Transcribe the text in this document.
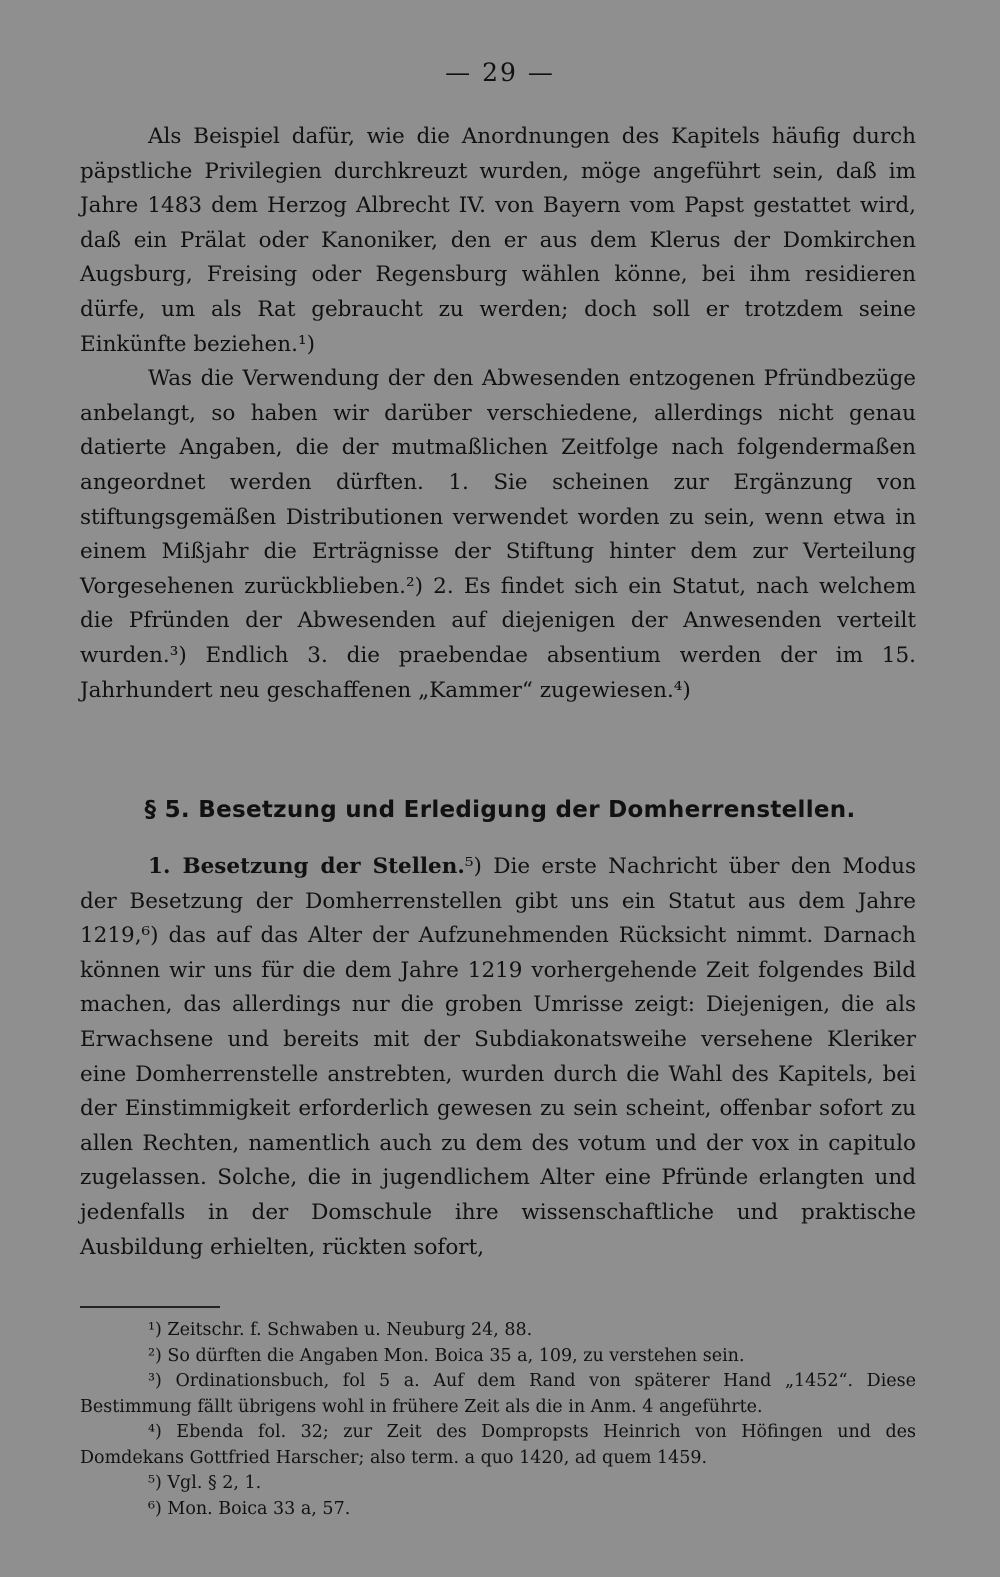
— 29 —

Als Beispiel dafür, wie die Anordnungen des Kapitels häufig durch päpstliche Privilegien durchkreuzt wurden, möge angeführt sein, daß im Jahre 1483 dem Herzog Albrecht IV. von Bayern vom Papst gestattet wird, daß ein Prälat oder Kanoniker, den er aus dem Klerus der Domkirchen Augsburg, Freising oder Regensburg wählen könne, bei ihm residieren dürfe, um als Rat gebraucht zu werden; doch soll er trotzdem seine Einkünfte beziehen.¹)

Was die Verwendung der den Abwesenden entzogenen Pfründbezüge anbelangt, so haben wir darüber verschiedene, allerdings nicht genau datierte Angaben, die der mutmaßlichen Zeitfolge nach folgendermaßen angeordnet werden dürften. 1. Sie scheinen zur Ergänzung von stiftungsgemäßen Distributionen verwendet worden zu sein, wenn etwa in einem Mißjahr die Erträgnisse der Stiftung hinter dem zur Verteilung Vorgesehenen zurückblieben.²) 2. Es findet sich ein Statut, nach welchem die Pfründen der Abwesenden auf diejenigen der Anwesenden verteilt wurden.³) Endlich 3. die praebendae absentium werden der im 15. Jahrhundert neu geschaffenen „Kammer“ zugewiesen.⁴)

§ 5. Besetzung und Erledigung der Domherrenstellen.

1. Besetzung der Stellen.⁵) Die erste Nachricht über den Modus der Besetzung der Domherrenstellen gibt uns ein Statut aus dem Jahre 1219,⁶) das auf das Alter der Aufzunehmenden Rücksicht nimmt. Darnach können wir uns für die dem Jahre 1219 vorhergehende Zeit folgendes Bild machen, das allerdings nur die groben Umrisse zeigt: Diejenigen, die als Erwachsene und bereits mit der Subdiakonatsweihe versehene Kleriker eine Domherrenstelle anstrebten, wurden durch die Wahl des Kapitels, bei der Einstimmigkeit erforderlich gewesen zu sein scheint, offenbar sofort zu allen Rechten, namentlich auch zu dem des votum und der vox in capitulo zugelassen. Solche, die in jugendlichem Alter eine Pfründe erlangten und jedenfalls in der Domschule ihre wissenschaftliche und praktische Ausbildung erhielten, rückten sofort,

¹) Zeitschr. f. Schwaben u. Neuburg 24, 88.

²) So dürften die Angaben Mon. Boica 35 a, 109, zu verstehen sein.

³) Ordinationsbuch, fol 5 a. Auf dem Rand von späterer Hand „1452“. Diese Bestimmung fällt übrigens wohl in frühere Zeit als die in Anm. 4 angeführte.

⁴) Ebenda fol. 32; zur Zeit des Dompropsts Heinrich von Höfingen und des Domdekans Gottfried Harscher; also term. a quo 1420, ad quem 1459.

⁵) Vgl. § 2, 1.

⁶) Mon. Boica 33 a, 57.
